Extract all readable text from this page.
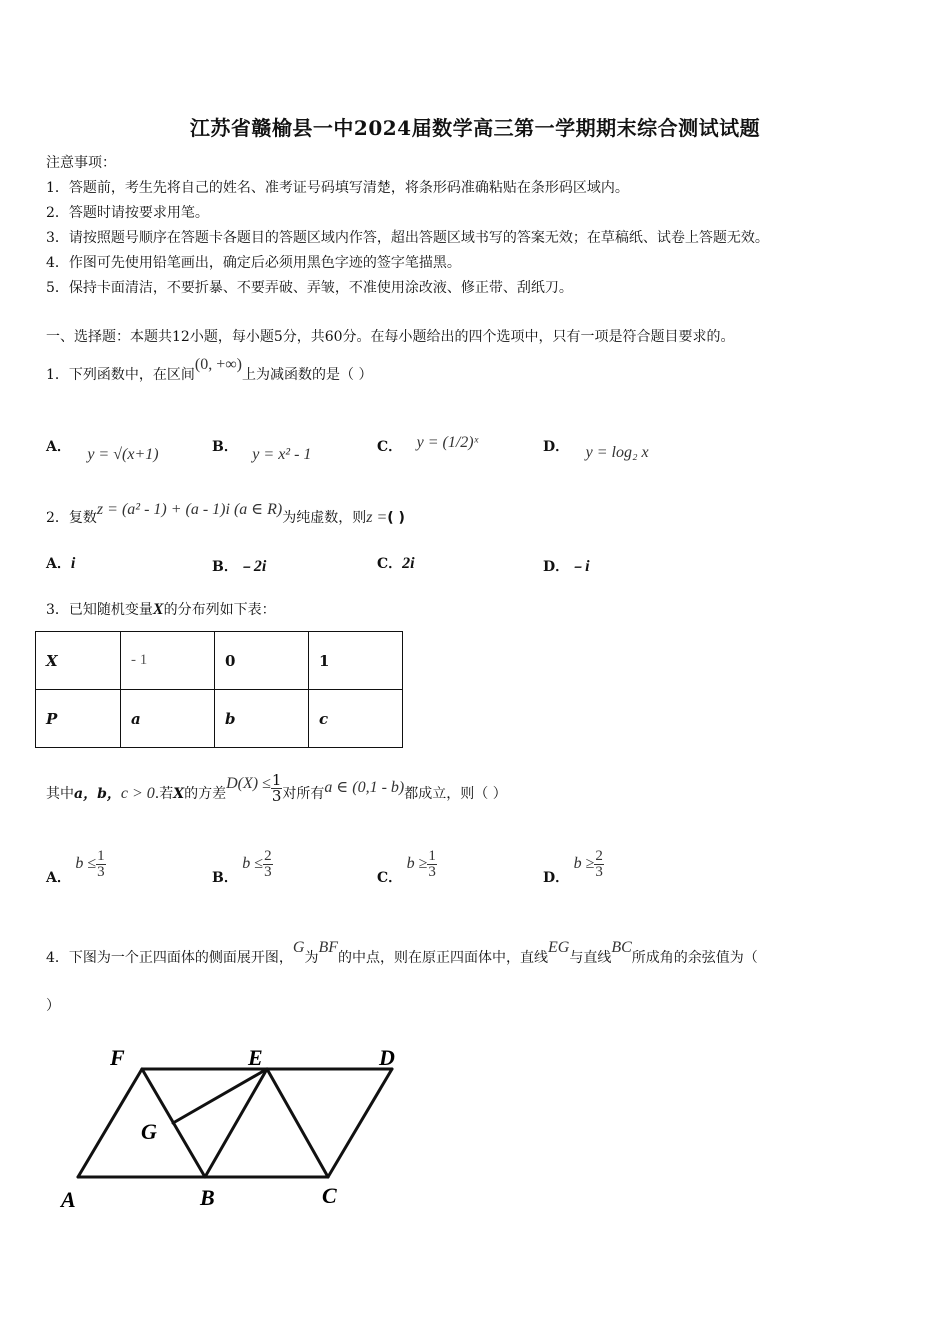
江苏省赣榆县一中2024届数学高三第一学期期末综合测试试题
注意事项：
1．答题前，考生先将自己的姓名、准考证号码填写清楚，将条形码准确粘贴在条形码区域内。
2．答题时请按要求用笔。
3．请按照题号顺序在答题卡各题目的答题区域内作答，超出答题区域书写的答案无效；在草稿纸、试卷上答题无效。
4．作图可先使用铅笔画出，确定后必须用黑色字迹的签字笔描黑。
5．保持卡面清洁，不要折暴、不要弄破、弄皱，不准使用涂改液、修正带、刮纸刀。
一、选择题：本题共12小题，每小题5分，共60分。在每小题给出的四个选项中，只有一项是符合题目要求的。
1．下列函数中，在区间(0, +∞)上为减函数的是（ ）
A． y = √(x+1)	B． y = x² - 1	C． y = (1/2)ˣ	D． y = log₂ x
2．复数z = (a² - 1) + (a - 1)i (a ∈ R)为纯虚数，则z =( )
A．i	B．﹣2i	C．2i	D．﹣i
3．已知随机变量X的分布列如下表：
X	- 1	0	1
P	a	b	c
其中a，b，c > 0.若X的方差$D(X) \le \frac{1}{3}$ 对所有a ∈ (0,1 - b)都成立，则（ ）
A． $b \le \frac{1}{3}$	B． $b \le \frac{2}{3}$	C． $b \ge \frac{1}{3}$	D． $b \ge \frac{2}{3}$
4．下图为一个正四面体的侧面展开图，G为BF的中点，则在原正四面体中，直线EG与直线BC所成角的余弦值为（
）
F	E	D
G
A	B	C
